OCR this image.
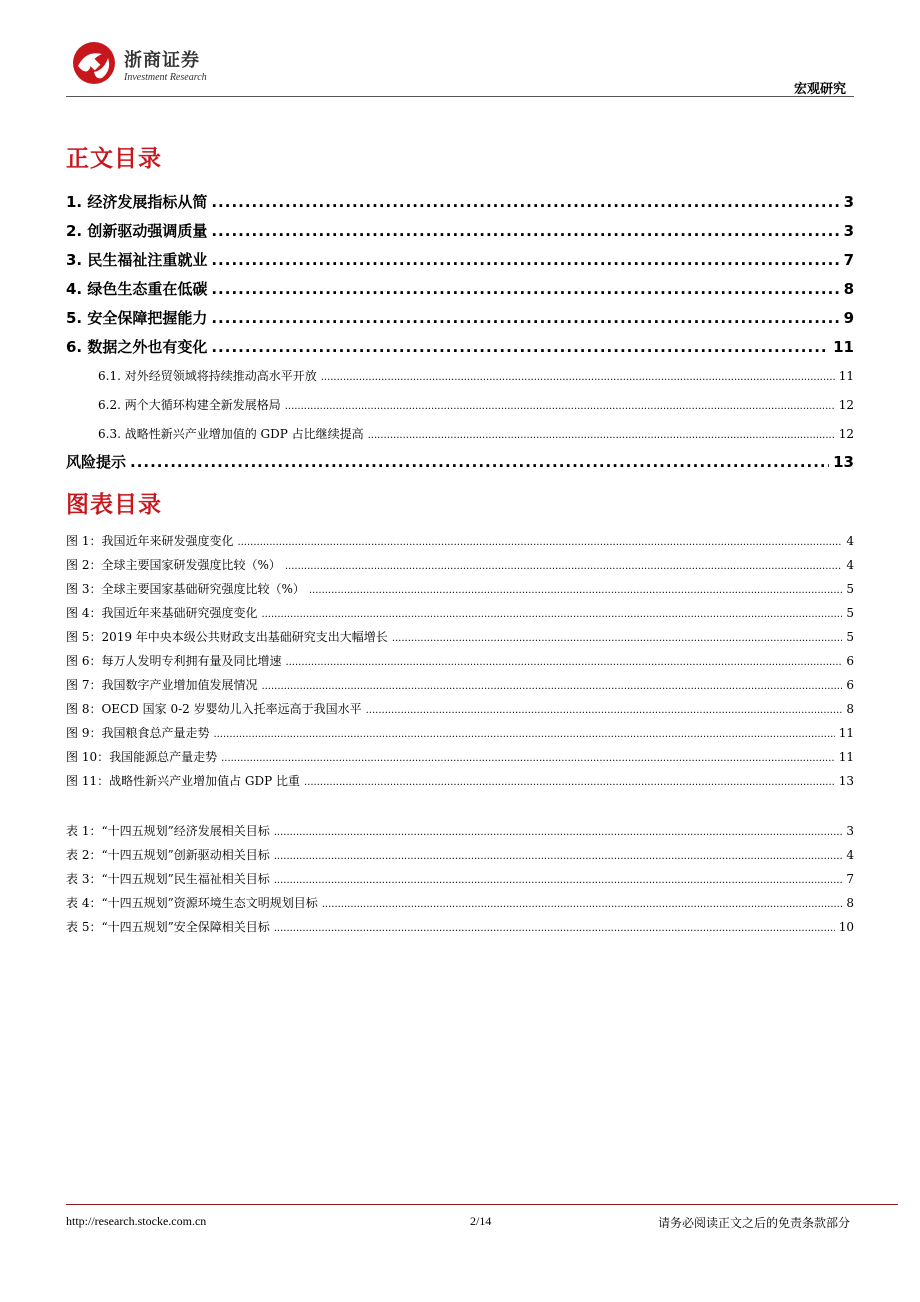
浙商证券
Investment Research
宏观研究
正文目录
1. 经济发展指标从简 .....	3
2. 创新驱动强调质量 .....	3
3. 民生福祉注重就业 .....	7
4. 绿色生态重在低碳 .....	8
5. 安全保障把握能力 .....	9
6. 数据之外也有变化 .....	11
6.1. 对外经贸领域将持续推动高水平开放 .....	11
6.2. 两个大循环构建全新发展格局 .....	12
6.3. 战略性新兴产业增加值的 GDP 占比继续提高 .....	12
风险提示 .....	13
图表目录
图 1：我国近年来研发强度变化 .....	4
图 2：全球主要国家研发强度比较（%） .....	4
图 3：全球主要国家基础研究强度比较（%） .....	5
图 4：我国近年来基础研究强度变化 .....	5
图 5：2019 年中央本级公共财政支出基础研究支出大幅增长 .....	5
图 6：每万人发明专利拥有量及同比增速 .....	6
图 7：我国数字产业增加值发展情况 .....	6
图 8：OECD 国家 0-2 岁婴幼儿入托率远高于我国水平 .....	8
图 9：我国粮食总产量走势 .....	11
图 10：我国能源总产量走势 .....	11
图 11：战略性新兴产业增加值占 GDP 比重 .....	13
表 1：“十四五规划”经济发展相关目标 .....	3
表 2：“十四五规划”创新驱动相关目标 .....	4
表 3：“十四五规划”民生福祉相关目标 .....	7
表 4：“十四五规划”资源环境生态文明规划目标 .....	8
表 5：“十四五规划”安全保障相关目标 .....	10
http://research.stocke.com.cn	2/14	请务必阅读正文之后的免责条款部分
